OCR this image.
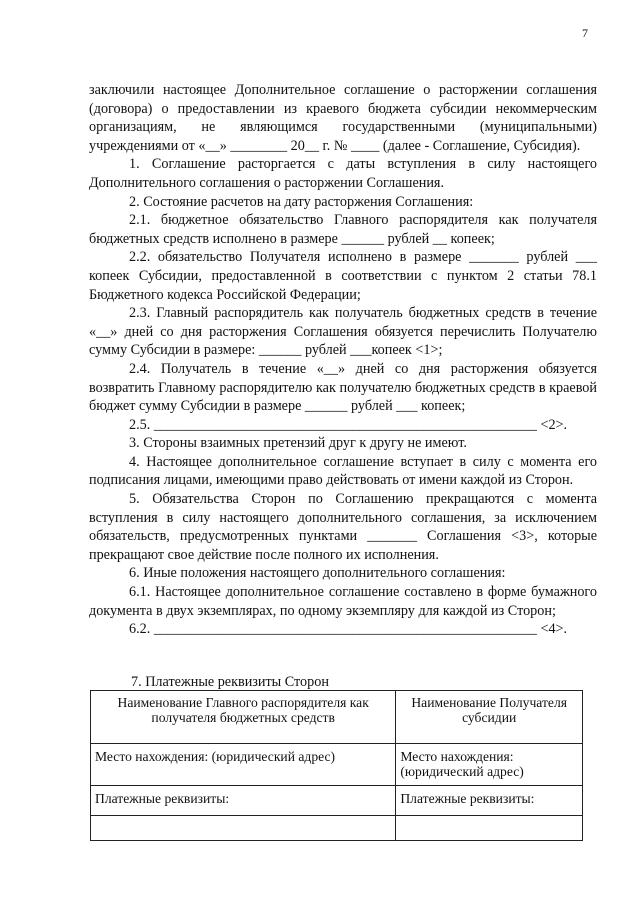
7

заключили настоящее Дополнительное соглашение о расторжении соглашения (договора) о предоставлении из краевого бюджета субсидии некоммерческим организациям, не являющимся государственными (муниципальными) учреждениями от «__» ________ 20__ г. № ____ (далее - Соглашение, Субсидия).

1. Соглашение расторгается с даты вступления в силу настоящего Дополнительного соглашения о расторжении Соглашения.

2. Состояние расчетов на дату расторжения Соглашения:

2.1. бюджетное обязательство Главного распорядителя как получателя бюджетных средств исполнено в размере ______ рублей __ копеек;

2.2. обязательство Получателя исполнено в размере _______ рублей ___ копеек Субсидии, предоставленной в соответствии с пунктом 2 статьи 78.1 Бюджетного кодекса Российской Федерации;

2.3. Главный распорядитель как получатель бюджетных средств в течение «__» дней со дня расторжения Соглашения обязуется перечислить Получателю сумму Субсидии в размере: ______ рублей ___копеек <1>;

2.4. Получатель в течение «__» дней со дня расторжения обязуется возвратить Главному распорядителю как получателю бюджетных средств в краевой бюджет сумму Субсидии в размере ______ рублей ___ копеек;

2.5. ______________________________________________________ <2>.

3. Стороны взаимных претензий друг к другу не имеют.

4. Настоящее дополнительное соглашение вступает в силу с момента его подписания лицами, имеющими право действовать от имени каждой из Сторон.

5. Обязательства Сторон по Соглашению прекращаются с момента вступления в силу настоящего дополнительного соглашения, за исключением обязательств, предусмотренных пунктами _______ Соглашения <3>, которые прекращают свое действие после полного их исполнения.

6. Иные положения настоящего дополнительного соглашения:

6.1. Настоящее дополнительное соглашение составлено в форме бумажного документа в двух экземплярах, по одному экземпляру для каждой из Сторон;

6.2. ______________________________________________________ <4>.

7. Платежные реквизиты Сторон
Наименование Главного распорядителя как получателя бюджетных средств	Наименование Получателя субсидии
Место нахождения: (юридический адрес)	Место нахождения: (юридический адрес)
Платежные реквизиты:	Платежные реквизиты:
